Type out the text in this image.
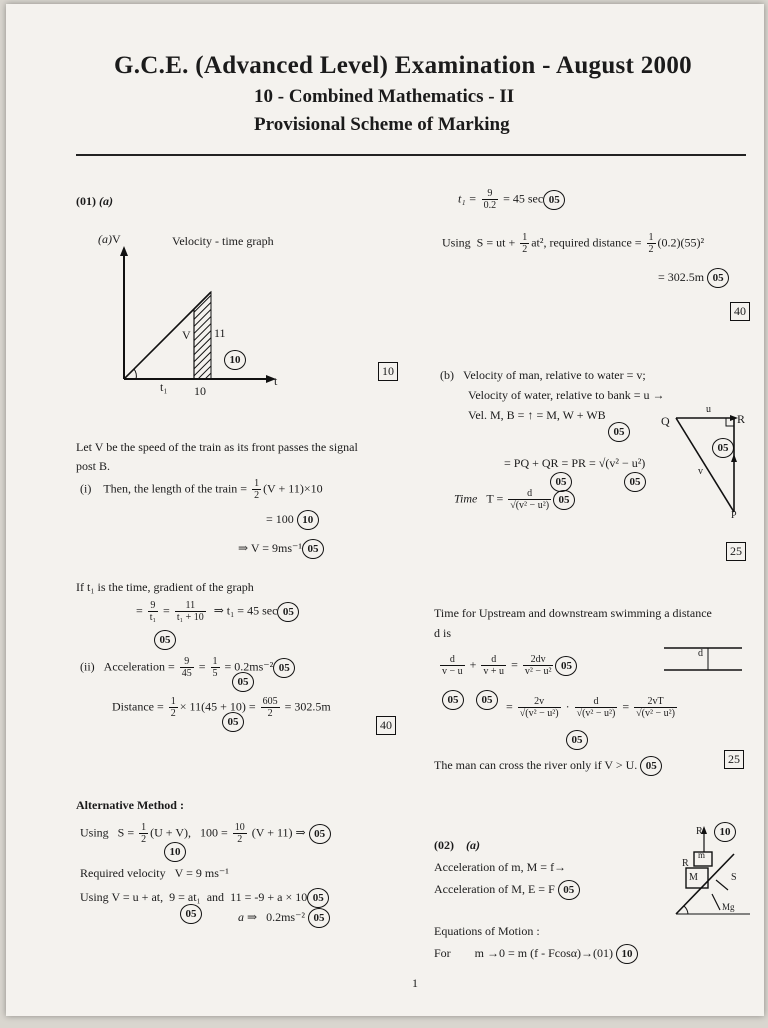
G.C.E. (Advanced Level) Examination - August 2000
10 - Combined Mathematics - II
Provisional Scheme of Marking
(01) (a)
(a)V	Velocity - time graph
V 11
t₁ 10
t
10
10
Let V be the speed of the train as its front passes the signal
post B.
(i) Then, the length of the train = $\frac{1}{2} (V + 11)\times 10$
= 100 10
⇒ V = 9ms⁻¹ 05
If t₁ is the time, gradient of the graph
= $\frac{9}{\text{t₁}} = \frac{11}{\text{t₁ + 10}}$ ⇒ t₁ = 45 sec 05
05
(ii) Acceleration = $\frac{9}{45} = \frac{1}{5} = 0.2ms^{-2}$ 05
05
Distance = $\frac{1}{2} \times 11(45 + 10) = \frac{605}{2} = 302.5m$
05	40
Alternative Method :
Using $S = \frac{1}{2} (U + V)$, $100 = \frac{10}{2} (V + 11)$ ⇒ 05
10
Required velocity V = 9 ms⁻¹
Using V = u + at, 9 = at₁ and 11 = -9 + a × 10 05
05	a ⇒ 0.2ms⁻² 05
$t_1 = \frac{9}{0.2} = 45$ sec 05
Using S = ut + $\frac{1}{2} at^2$, required distance = $\frac{1}{2} (0.2)(55)^2$
= 302.5m 05
40
(b) Velocity of man, relative to water = v;
Velocity of water, relative to bank = u →
Vel. M, B = ↑ = M, W + WB
05
Q
u
R
v
P
05
= PQ + QR = PR = √(v² − u²)
05	05
Time $T = \frac{d}{\text{√(v² − u²)}} 05$
25
Time for Upstream and downstream swimming a distance
d is
$\frac{d}{v - u} + \frac{d}{v + u} = \frac{2dv}{\text{v² − u²}} 05$
05	05
d
= $\frac{2v}{\text{√(v² − u²)}} \cdot \frac{d}{\text{√(v² − u²)}} = \frac{2vT}{\text{√(v² − u²)}}$
05
The man can cross the river only if V > U. 05	25
(02) (a)
Acceleration of m, M = f→
Acceleration of M, E = F 05
Equations of Motion :
For m →0 = m (f - Fcosα)→(01) 10
R
m
M	S
Mg
R
10
1
